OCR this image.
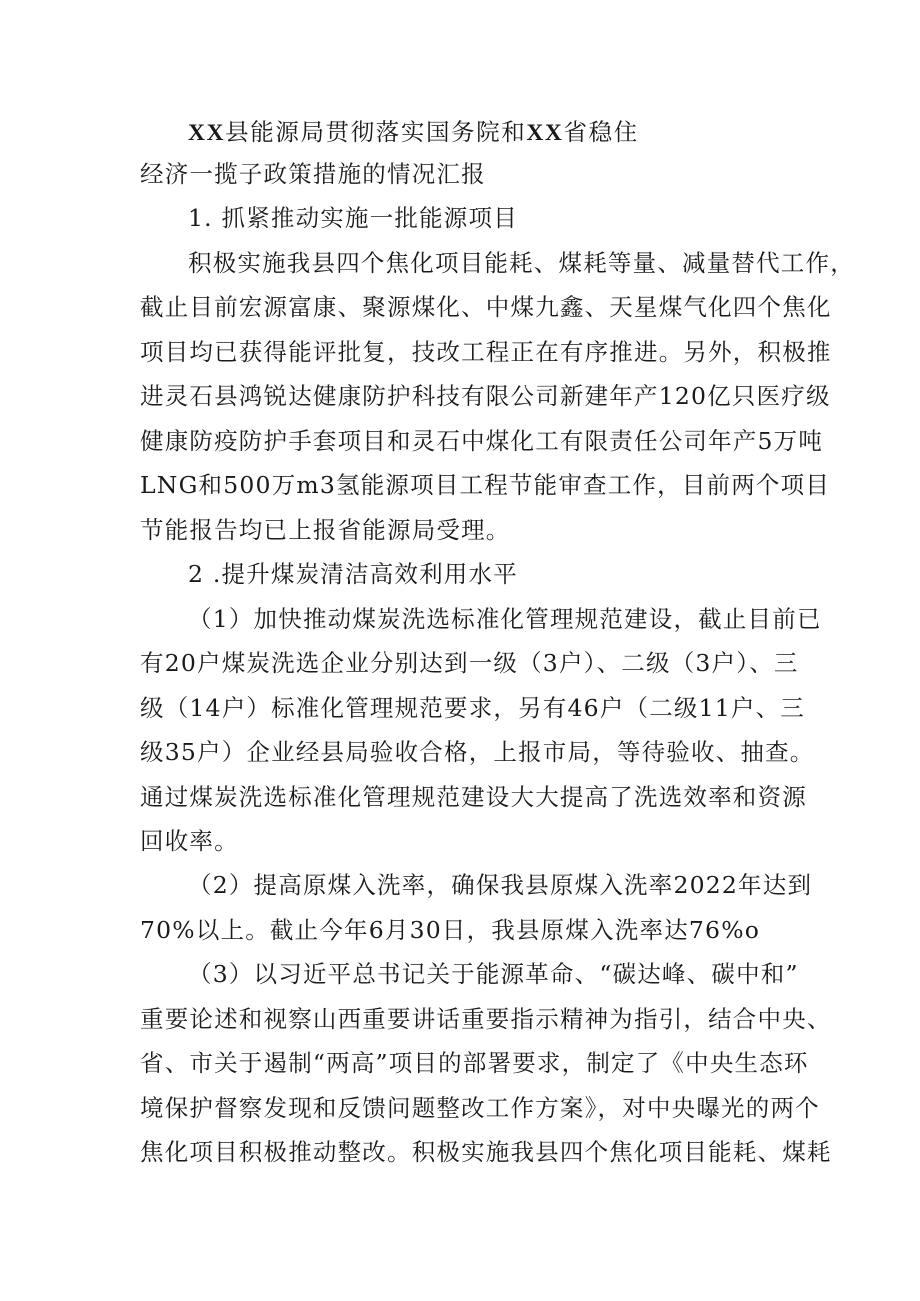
XX县能源局贯彻落实国务院和XX省稳住
经济一揽子政策措施的情况汇报
1. 抓紧推动实施一批能源项目
积极实施我县四个焦化项目能耗、煤耗等量、减量替代工作，
截止目前宏源富康、聚源煤化、中煤九鑫、天星煤气化四个焦化
项目均已获得能评批复，技改工程正在有序推进。另外，积极推
进灵石县鸿锐达健康防护科技有限公司新建年产120亿只医疗级
健康防疫防护手套项目和灵石中煤化工有限责任公司年产5万吨
LNG和500万m3氢能源项目工程节能审查工作，目前两个项目
节能报告均已上报省能源局受理。
2 .提升煤炭清洁高效利用水平
（1）加快推动煤炭洗选标准化管理规范建设，截止目前已
有20户煤炭洗选企业分别达到一级（3户）、二级（3户）、三
级（14户）标准化管理规范要求，另有46户（二级11户、三
级35户）企业经县局验收合格，上报市局，等待验收、抽查。
通过煤炭洗选标准化管理规范建设大大提高了洗选效率和资源
回收率。
（2）提高原煤入洗率，确保我县原煤入洗率2022年达到
70%以上。截止今年6月30日，我县原煤入洗率达76%o
（3）以习近平总书记关于能源革命、“碳达峰、碳中和”
重要论述和视察山西重要讲话重要指示精神为指引，结合中央、
省、市关于遏制“两高”项目的部署要求，制定了《中央生态环
境保护督察发现和反馈问题整改工作方案》，对中央曝光的两个
焦化项目积极推动整改。积极实施我县四个焦化项目能耗、煤耗
